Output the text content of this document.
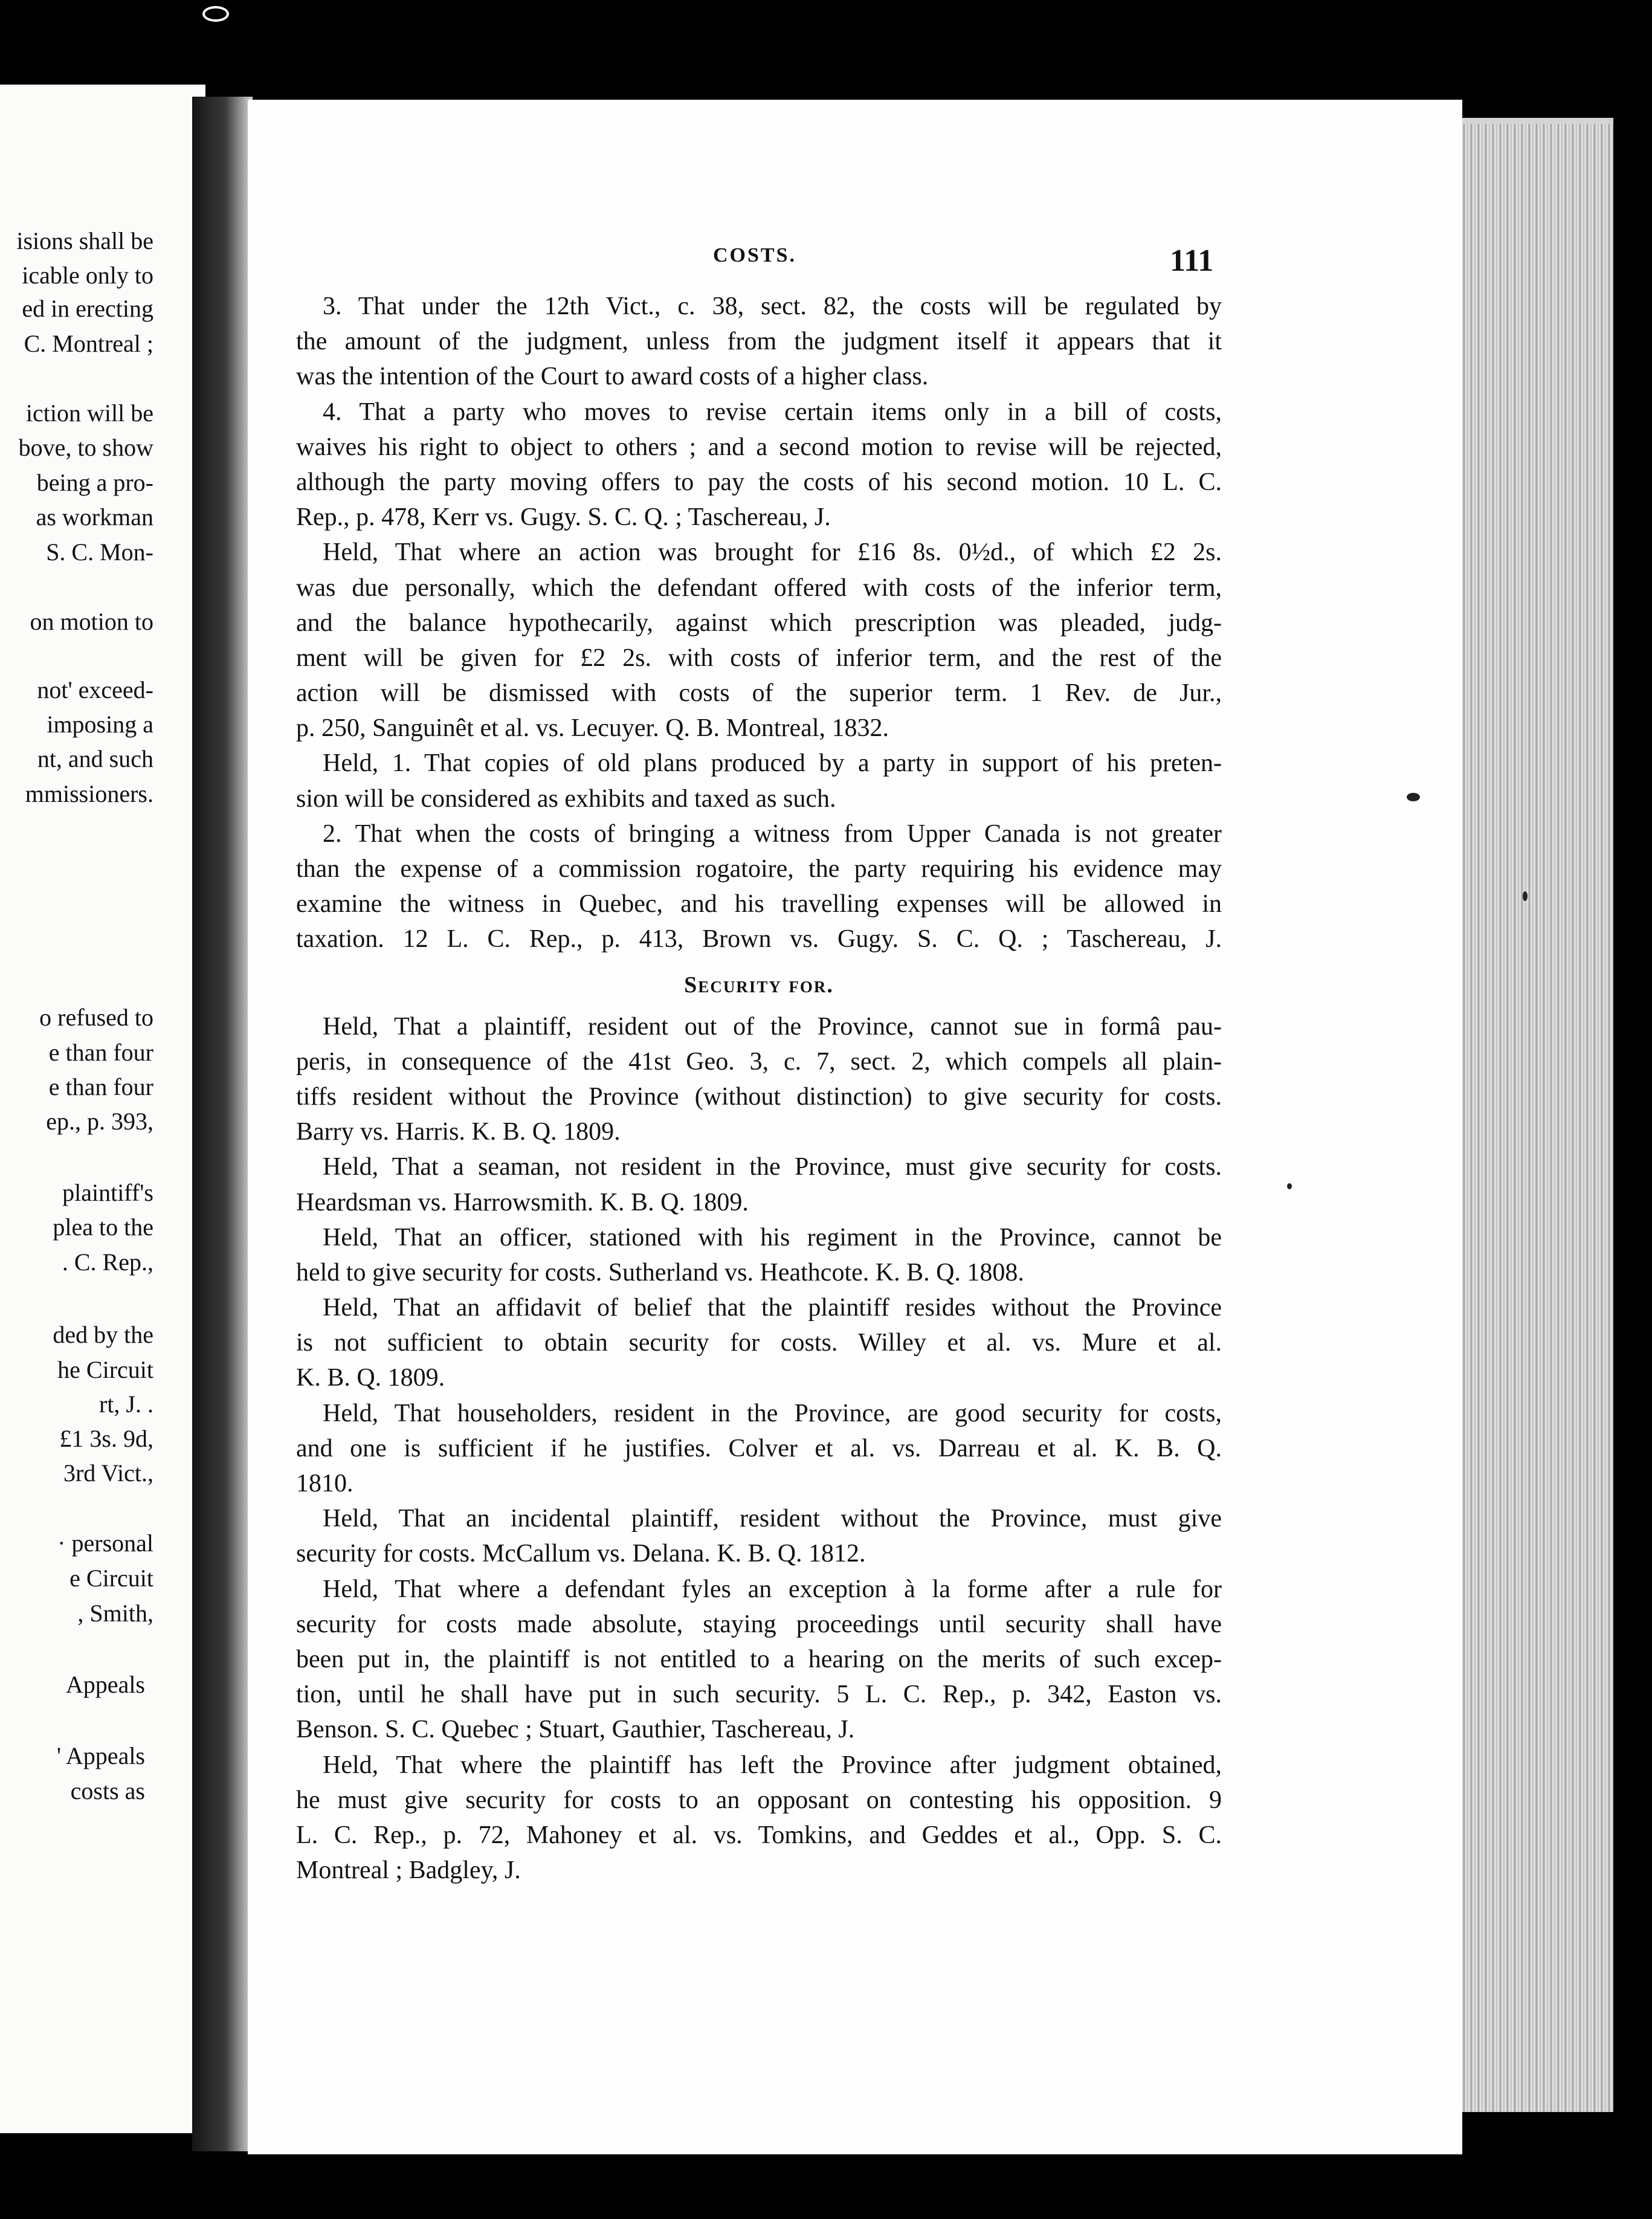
isions shall be
icable only to
ed in erecting
C. Montreal ;
iction will be
bove, to show
being a pro-
as workman
S. C. Mon-
on motion to
not' exceed-
imposing a
nt, and such
mmissioners.
o refused to
e than four
e than four
ep., p. 393,
plaintiff's
plea to the
. C. Rep.,
ded by the
he Circuit
rt, J. .
£1 3s. 9d,
3rd Vict.,
· personal
e Circuit
, Smith,
Appeals
' Appeals
costs as
COSTS.	111
3. That under the 12th Vict., c. 38, sect. 82, the costs will be regulated by
the amount of the judgment, unless from the judgment itself it appears that it
was the intention of the Court to award costs of a higher class.
4. That a party who moves to revise certain items only in a bill of costs,
waives his right to object to others ; and a second motion to revise will be rejected,
although the party moving offers to pay the costs of his second motion. 10 L. C.
Rep., p. 478, Kerr vs. Gugy. S. C. Q. ; Taschereau, J.
Held, That where an action was brought for £16 8s. 0½d., of which £2 2s.
was due personally, which the defendant offered with costs of the inferior term,
and the balance hypothecarily, against which prescription was pleaded, judg-
ment will be given for £2 2s. with costs of inferior term, and the rest of the
action will be dismissed with costs of the superior term. 1 Rev. de Jur.,
p. 250, Sanguinêt et al. vs. Lecuyer. Q. B. Montreal, 1832.
Held, 1. That copies of old plans produced by a party in support of his preten-
sion will be considered as exhibits and taxed as such.
2. That when the costs of bringing a witness from Upper Canada is not greater
than the expense of a commission rogatoire, the party requiring his evidence may
examine the witness in Quebec, and his travelling expenses will be allowed in
taxation. 12 L. C. Rep., p. 413, Brown vs. Gugy. S. C. Q. ; Taschereau, J.
Security for.
Held, That a plaintiff, resident out of the Province, cannot sue in formâ pau-
peris, in consequence of the 41st Geo. 3, c. 7, sect. 2, which compels all plain-
tiffs resident without the Province (without distinction) to give security for costs.
Barry vs. Harris. K. B. Q. 1809.
Held, That a seaman, not resident in the Province, must give security for costs.
Heardsman vs. Harrowsmith. K. B. Q. 1809.
Held, That an officer, stationed with his regiment in the Province, cannot be
held to give security for costs. Sutherland vs. Heathcote. K. B. Q. 1808.
Held, That an affidavit of belief that the plaintiff resides without the Province
is not sufficient to obtain security for costs. Willey et al. vs. Mure et al.
K. B. Q. 1809.
Held, That householders, resident in the Province, are good security for costs,
and one is sufficient if he justifies. Colver et al. vs. Darreau et al. K. B. Q.
1810.
Held, That an incidental plaintiff, resident without the Province, must give
security for costs. McCallum vs. Delana. K. B. Q. 1812.
Held, That where a defendant fyles an exception à la forme after a rule for
security for costs made absolute, staying proceedings until security shall have
been put in, the plaintiff is not entitled to a hearing on the merits of such excep-
tion, until he shall have put in such security. 5 L. C. Rep., p. 342, Easton vs.
Benson. S. C. Quebec ; Stuart, Gauthier, Taschereau, J.
Held, That where the plaintiff has left the Province after judgment obtained,
he must give security for costs to an opposant on contesting his opposition. 9
L. C. Rep., p. 72, Mahoney et al. vs. Tomkins, and Geddes et al., Opp. S. C.
Montreal ; Badgley, J.
